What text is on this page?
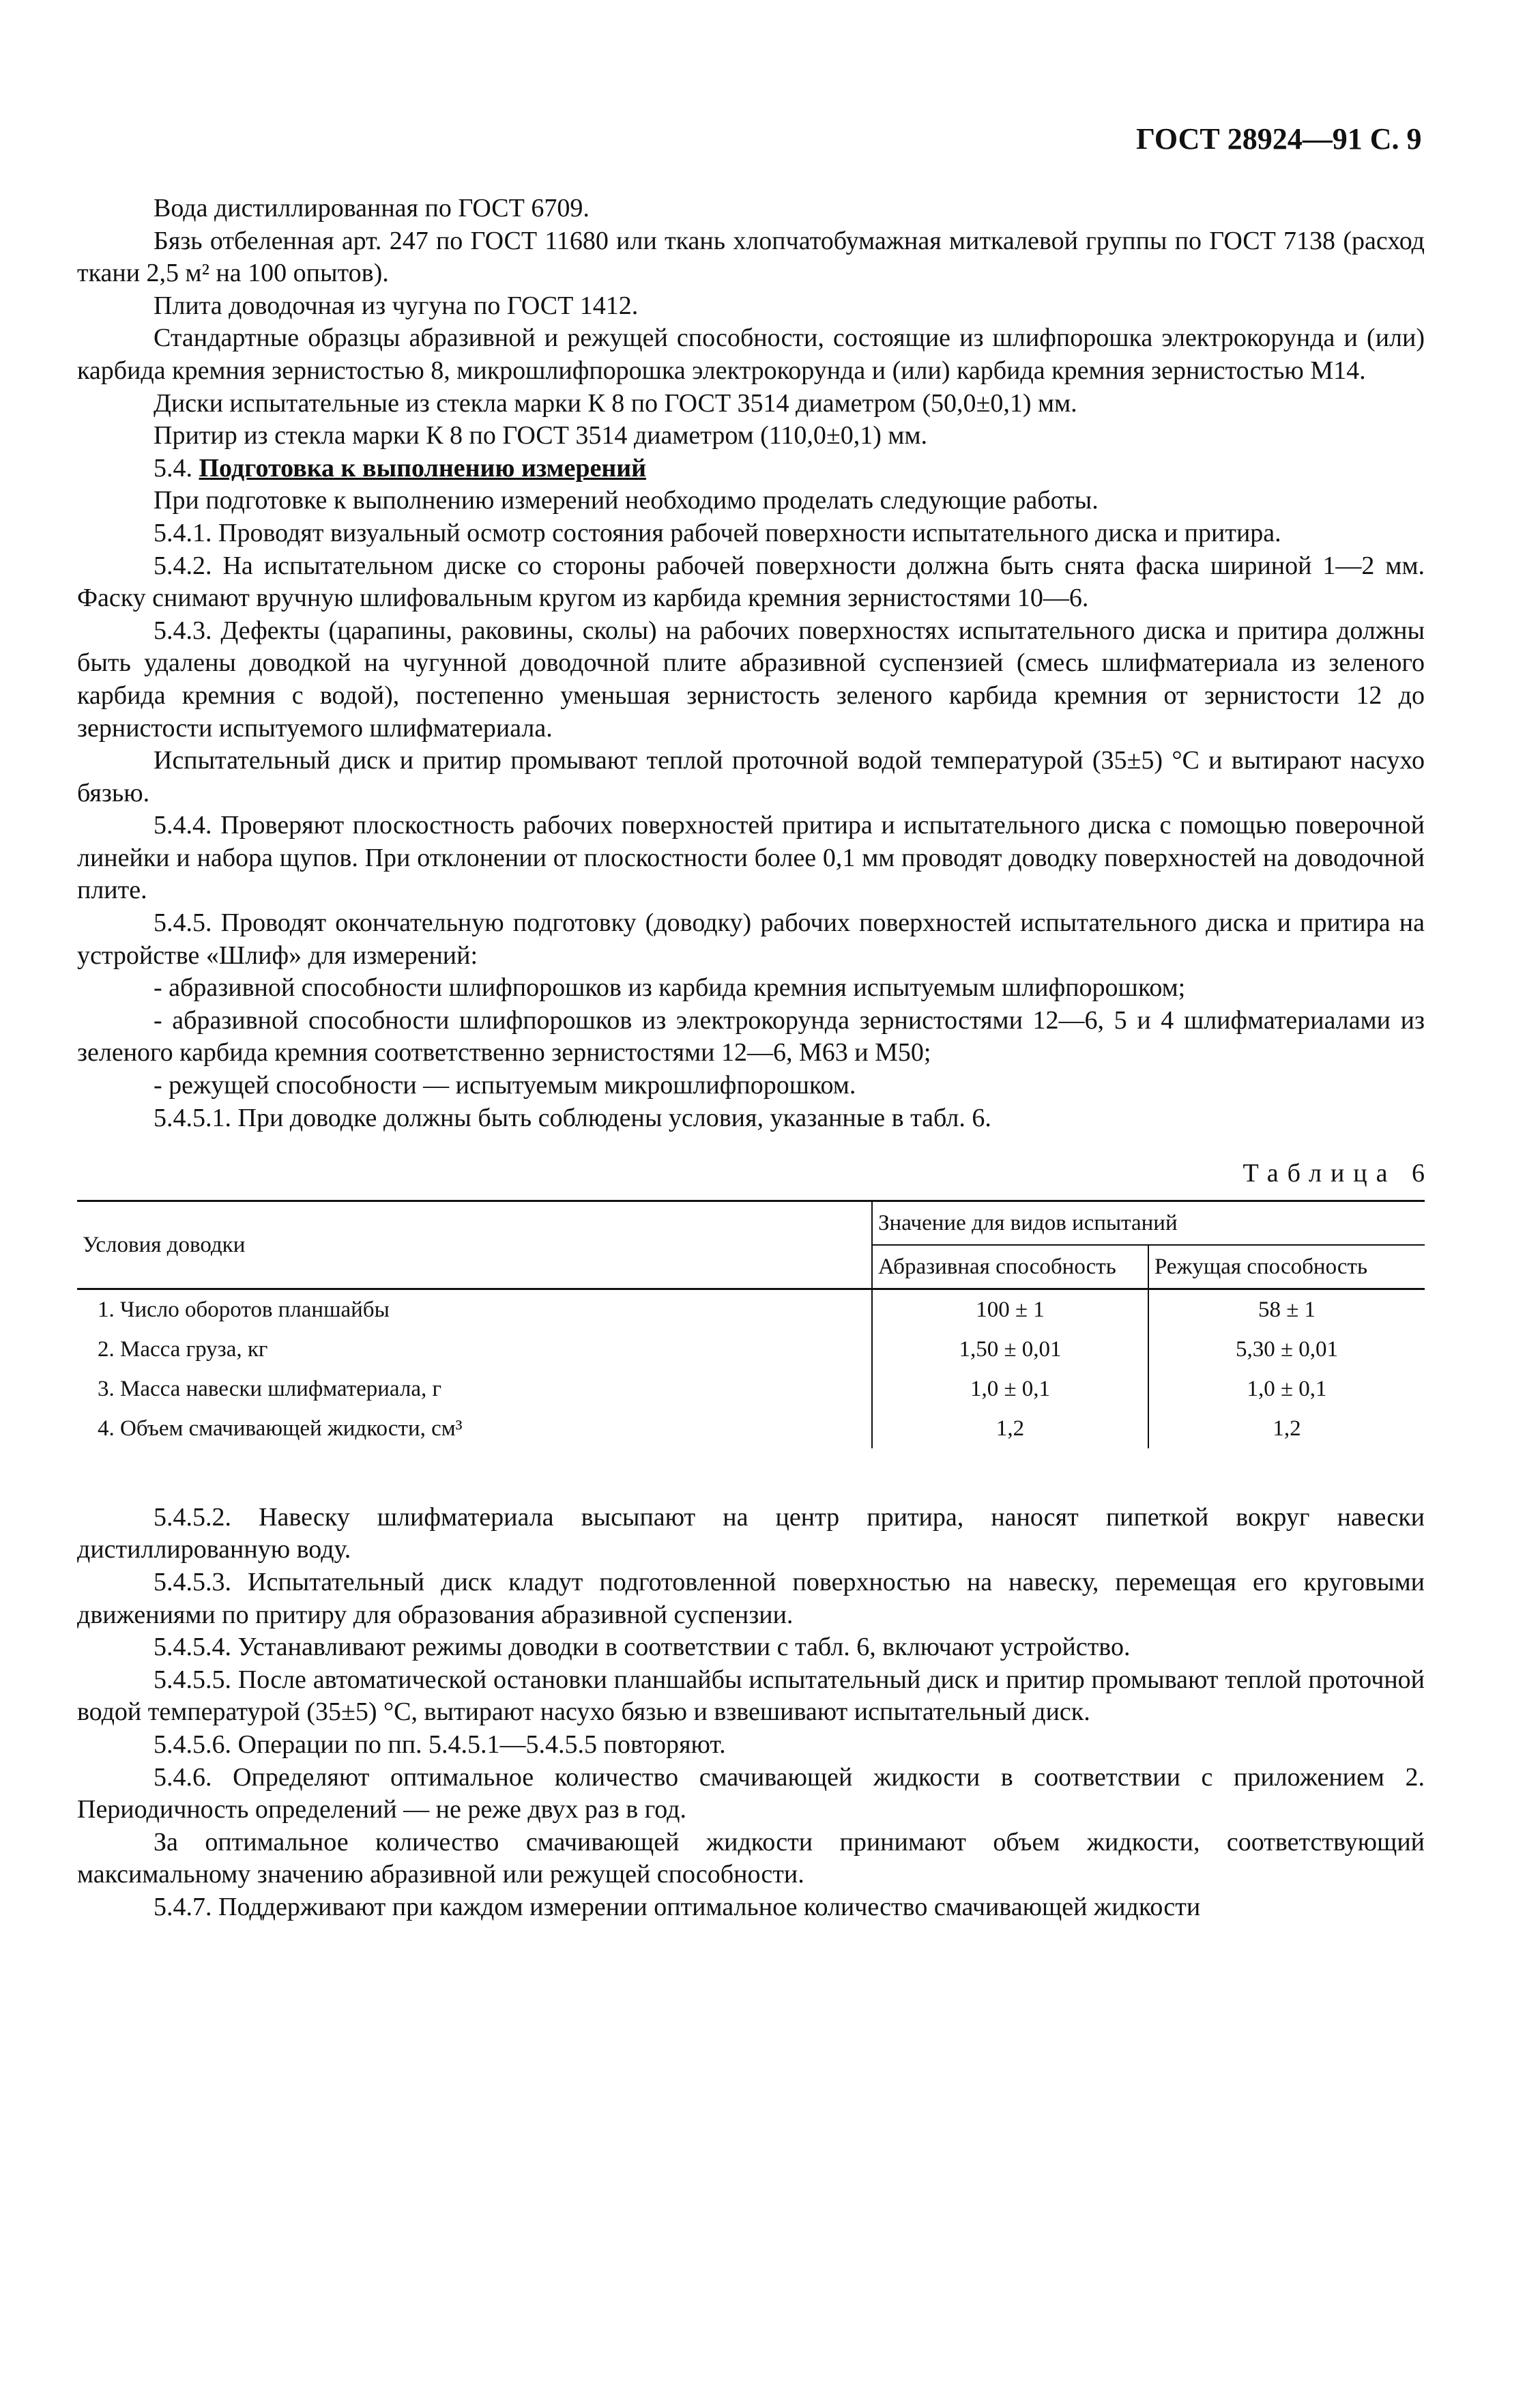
ГОСТ 28924—91 С. 9

Вода дистиллированная по ГОСТ 6709.

Бязь отбеленная арт. 247 по ГОСТ 11680 или ткань хлопчатобумажная миткалевой группы по ГОСТ 7138 (расход ткани 2,5 м² на 100 опытов).

Плита доводочная из чугуна по ГОСТ 1412.

Стандартные образцы абразивной и режущей способности, состоящие из шлифпорошка электрокорунда и (или) карбида кремния зернистостью 8, микрошлифпорошка электрокорунда и (или) карбида кремния зернистостью М14.

Диски испытательные из стекла марки К 8 по ГОСТ 3514 диаметром (50,0±0,1) мм.

Притир из стекла марки К 8 по ГОСТ 3514 диаметром (110,0±0,1) мм.

5.4. Подготовка к выполнению измерений

При подготовке к выполнению измерений необходимо проделать следующие работы.

5.4.1. Проводят визуальный осмотр состояния рабочей поверхности испытательного диска и притира.

5.4.2. На испытательном диске со стороны рабочей поверхности должна быть снята фаска шириной 1—2 мм. Фаску снимают вручную шлифовальным кругом из карбида кремния зернистостями 10—6.

5.4.3. Дефекты (царапины, раковины, сколы) на рабочих поверхностях испытательного диска и притира должны быть удалены доводкой на чугунной доводочной плите абразивной суспензией (смесь шлифматериала из зеленого карбида кремния с водой), постепенно уменьшая зернистость зеленого карбида кремния от зернистости 12 до зернистости испытуемого шлифматериала.

Испытательный диск и притир промывают теплой проточной водой температурой (35±5) °С и вытирают насухо бязью.

5.4.4. Проверяют плоскостность рабочих поверхностей притира и испытательного диска с помощью поверочной линейки и набора щупов. При отклонении от плоскостности более 0,1 мм проводят доводку поверхностей на доводочной плите.

5.4.5. Проводят окончательную подготовку (доводку) рабочих поверхностей испытательного диска и притира на устройстве «Шлиф» для измерений:

- абразивной способности шлифпорошков из карбида кремния испытуемым шлифпорошком;

- абразивной способности шлифпорошков из электрокорунда зернистостями 12—6, 5 и 4 шлифматериалами из зеленого карбида кремния соответственно зернистостями 12—6, М63 и М50;

- режущей способности — испытуемым микрошлифпорошком.

5.4.5.1. При доводке должны быть соблюдены условия, указанные в табл. 6.

Таблица 6
Условия доводки	Значение для видов испытаний	
	Абразивная способность	Режущая способность
1. Число оборотов планшайбы	100 ± 1	58 ± 1
2. Масса груза, кг	1,50 ± 0,01	5,30 ± 0,01
3. Масса навески шлифматериала, г	1,0 ± 0,1	1,0 ± 0,1
4. Объем смачивающей жидкости, см³	1,2	1,2

5.4.5.2. Навеску шлифматериала высыпают на центр притира, наносят пипеткой вокруг навески дистиллированную воду.

5.4.5.3. Испытательный диск кладут подготовленной поверхностью на навеску, перемещая его круговыми движениями по притиру для образования абразивной суспензии.

5.4.5.4. Устанавливают режимы доводки в соответствии с табл. 6, включают устройство.

5.4.5.5. После автоматической остановки планшайбы испытательный диск и притир промывают теплой проточной водой температурой (35±5) °С, вытирают насухо бязью и взвешивают испытательный диск.

5.4.5.6. Операции по пп. 5.4.5.1—5.4.5.5 повторяют.

5.4.6. Определяют оптимальное количество смачивающей жидкости в соответствии с приложением 2. Периодичность определений — не реже двух раз в год.

За оптимальное количество смачивающей жидкости принимают объем жидкости, соответствующий максимальному значению абразивной или режущей способности.

5.4.7. Поддерживают при каждом измерении оптимальное количество смачивающей жидкости
